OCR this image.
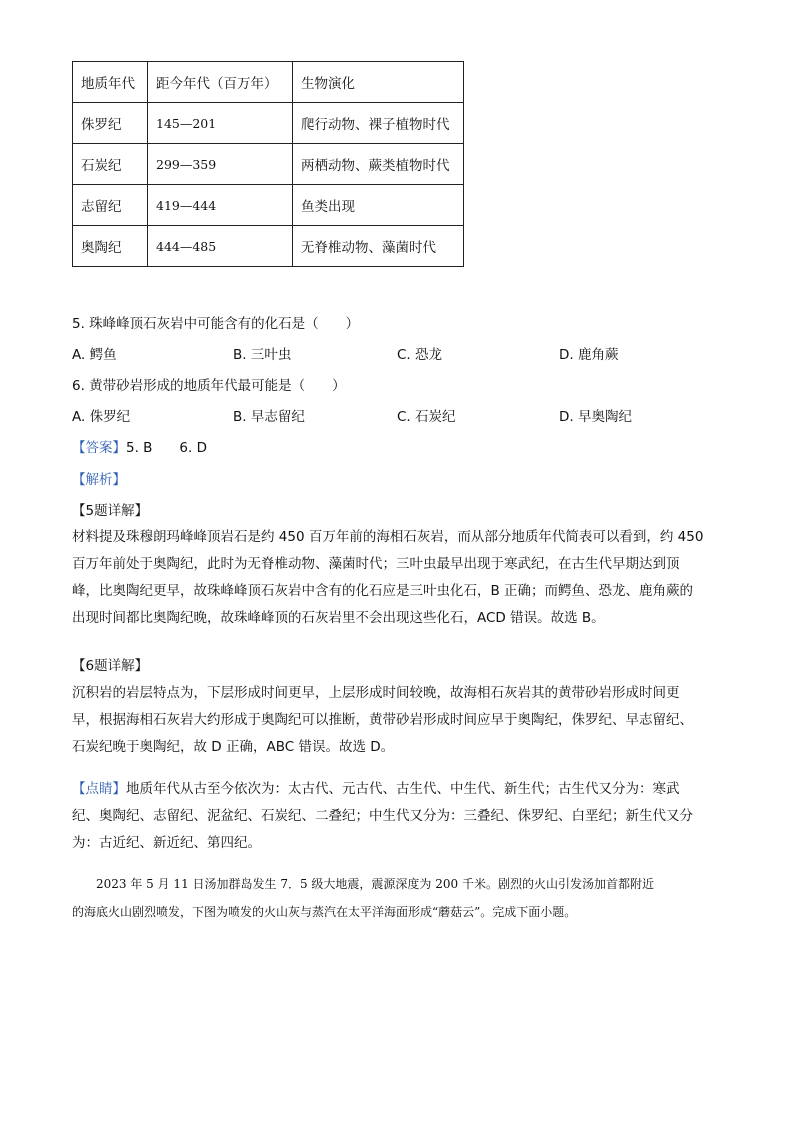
地质年代	距今年代（百万年）	生物演化
侏罗纪	145—201	爬行动物、裸子植物时代
石炭纪	299—359	两栖动物、蕨类植物时代
志留纪	419—444	鱼类出现
奥陶纪	444—485	无脊椎动物、藻菌时代
5. 珠峰峰顶石灰岩中可能含有的化石是（　　）
A. 鳄鱼	B. 三叶虫	C. 恐龙	D. 鹿角蕨
6. 黄带砂岩形成的地质年代最可能是（　　）
A. 侏罗纪	B. 早志留纪	C. 石炭纪	D. 早奥陶纪
【答案】5. B　　6. D
【解析】
【5题详解】
材料提及珠穆朗玛峰峰顶岩石是约 450 百万年前的海相石灰岩，而从部分地质年代简表可以看到，约 450
百万年前处于奥陶纪，此时为无脊椎动物、藻菌时代；三叶虫最早出现于寒武纪，在古生代早期达到顶
峰，比奥陶纪更早，故珠峰峰顶石灰岩中含有的化石应是三叶虫化石，B 正确；而鳄鱼、恐龙、鹿角蕨的
出现时间都比奥陶纪晚，故珠峰峰顶的石灰岩里不会出现这些化石，ACD 错误。故选 B。
【6题详解】
沉积岩的岩层特点为，下层形成时间更早，上层形成时间较晚，故海相石灰岩其的黄带砂岩形成时间更
早，根据海相石灰岩大约形成于奥陶纪可以推断，黄带砂岩形成时间应早于奥陶纪，侏罗纪、早志留纪、
石炭纪晚于奥陶纪，故 D 正确，ABC 错误。故选 D。
【点睛】地质年代从古至今依次为：太古代、元古代、古生代、中生代、新生代；古生代又分为：寒武
纪、奥陶纪、志留纪、泥盆纪、石炭纪、二叠纪；中生代又分为：三叠纪、侏罗纪、白垩纪；新生代又分
为：古近纪、新近纪、第四纪。
　　2023 年 5 月 11 日汤加群岛发生 7．5 级大地震，震源深度为 200 千米。剧烈的火山引发汤加首都附近
的海底火山剧烈喷发，下图为喷发的火山灰与蒸汽在太平洋海面形成“蘑菇云”。完成下面小题。
